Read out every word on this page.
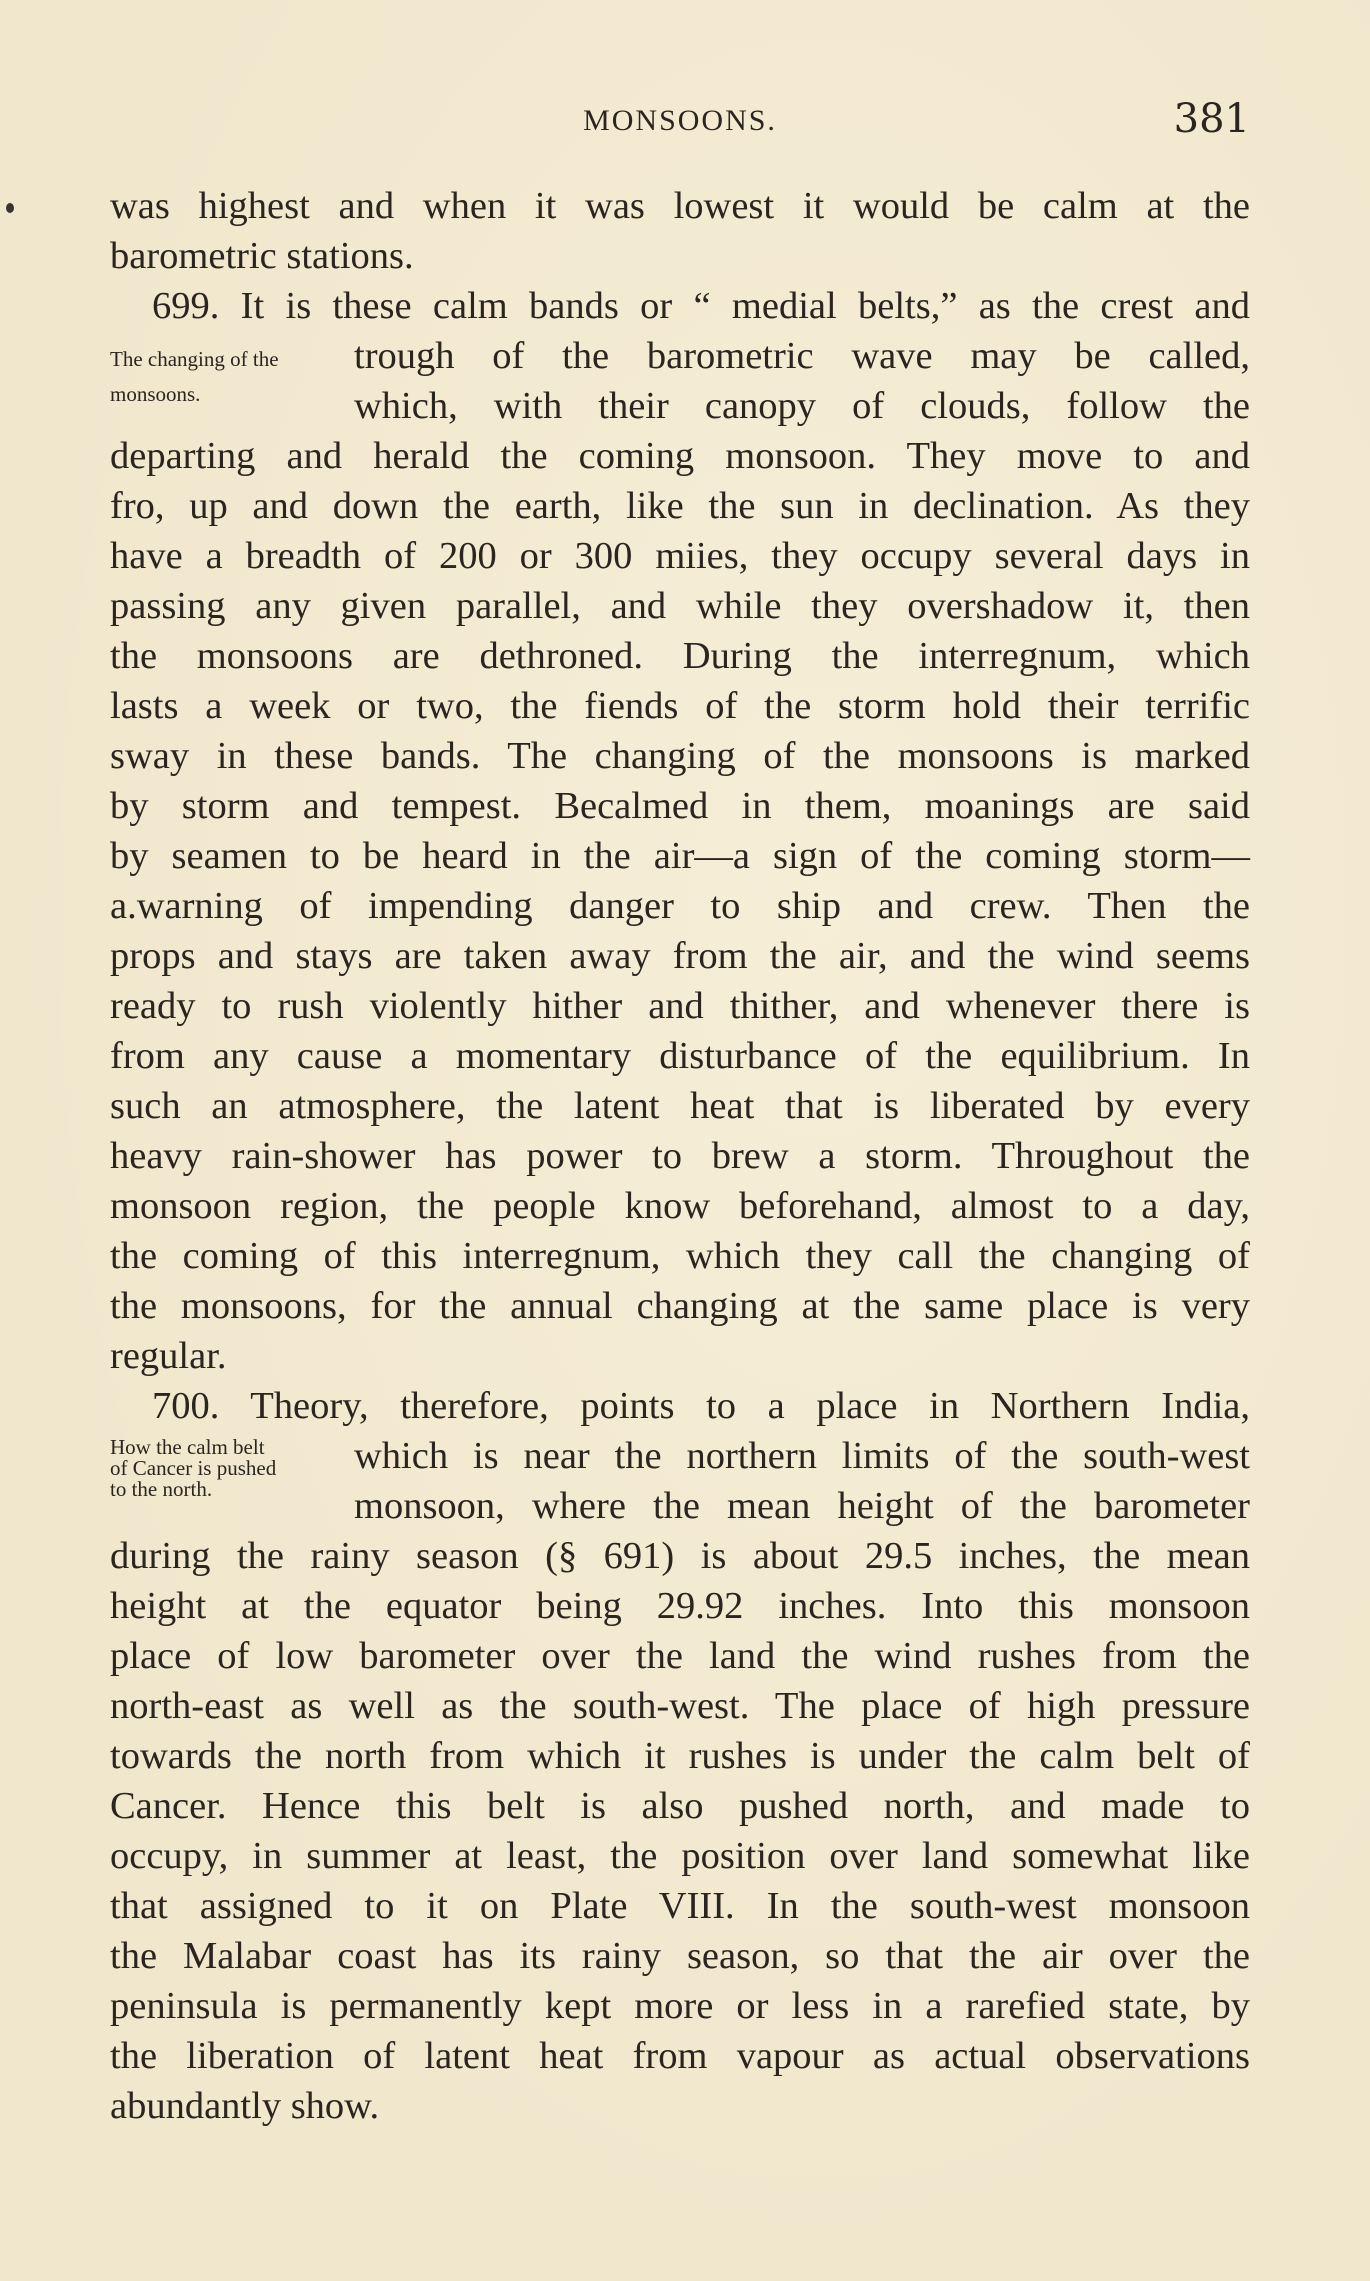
MONSOONS.	381
The changing of the
monsoons.
How the calm belt
of Cancer is pushed
to the north.
was highest and when it was lowest it would be calm at the
barometric stations.
699. It is these calm bands or “ medial belts,” as the crest and
trough of the barometric wave may be called,
which, with their canopy of clouds, follow the
departing and herald the coming monsoon. They move to and
fro, up and down the earth, like the sun in declination. As they
have a breadth of 200 or 300 miies, they occupy several days in
passing any given parallel, and while they overshadow it, then
the monsoons are dethroned. During the interregnum, which
lasts a week or two, the fiends of the storm hold their terrific
sway in these bands. The changing of the monsoons is marked
by storm and tempest. Becalmed in them, moanings are said
by seamen to be heard in the air—a sign of the coming storm—
a.warning of impending danger to ship and crew. Then the
props and stays are taken away from the air, and the wind seems
ready to rush violently hither and thither, and whenever there is
from any cause a momentary disturbance of the equilibrium. In
such an atmosphere, the latent heat that is liberated by every
heavy rain-shower has power to brew a storm. Throughout the
monsoon region, the people know beforehand, almost to a day,
the coming of this interregnum, which they call the changing of
the monsoons, for the annual changing at the same place is very
regular.
700. Theory, therefore, points to a place in Northern India,
which is near the northern limits of the south-west
monsoon, where the mean height of the barometer
during the rainy season (§ 691) is about 29.5 inches, the mean
height at the equator being 29.92 inches. Into this monsoon
place of low barometer over the land the wind rushes from the
north-east as well as the south-west. The place of high pressure
towards the north from which it rushes is under the calm belt of
Cancer. Hence this belt is also pushed north, and made to
occupy, in summer at least, the position over land somewhat like
that assigned to it on Plate VIII. In the south-west monsoon
the Malabar coast has its rainy season, so that the air over the
peninsula is permanently kept more or less in a rarefied state, by
the liberation of latent heat from vapour as actual observations
abundantly show.
